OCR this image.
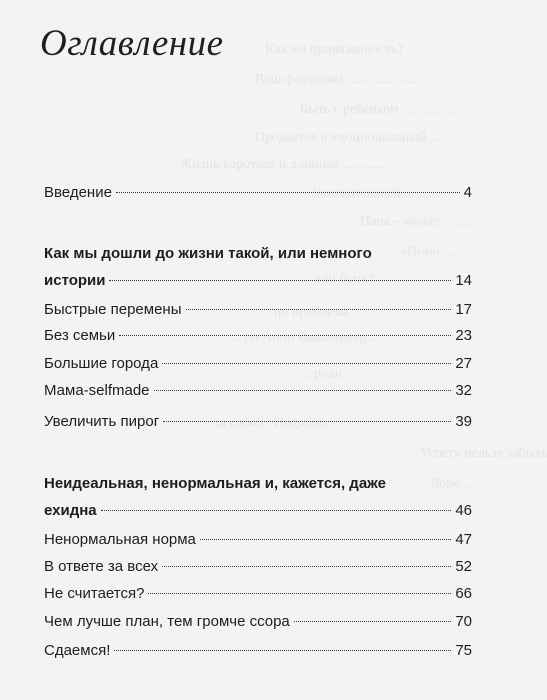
Как же привязанность?
Ваш фантазмы ....................
Быть с ребенком .................
Продается в эмоциональный ...
Жизнь короткая и длинная .............
Замечательный ..........
Папа – может .........
«Помо ...
... или быть?
... по проблема ...
... по Анни Вашенмеер ...
... роди ...
... за собой? Подобно ...
Успеть нельзя забыть
Лоре ...
Оглавление
Введение	4
Как мы дошли до жизни такой, или немного
истории	14
Быстрые перемены	17
Без семьи	23
Большие города	27
Мама-selfmade	32
Увеличить пирог	39
Неидеальная, ненормальная и, кажется, даже
ехидна	46
Ненормальная норма	47
В ответе за всех	52
Не считается?	66
Чем лучше план, тем громче ссора	70
Сдаемся!	75
